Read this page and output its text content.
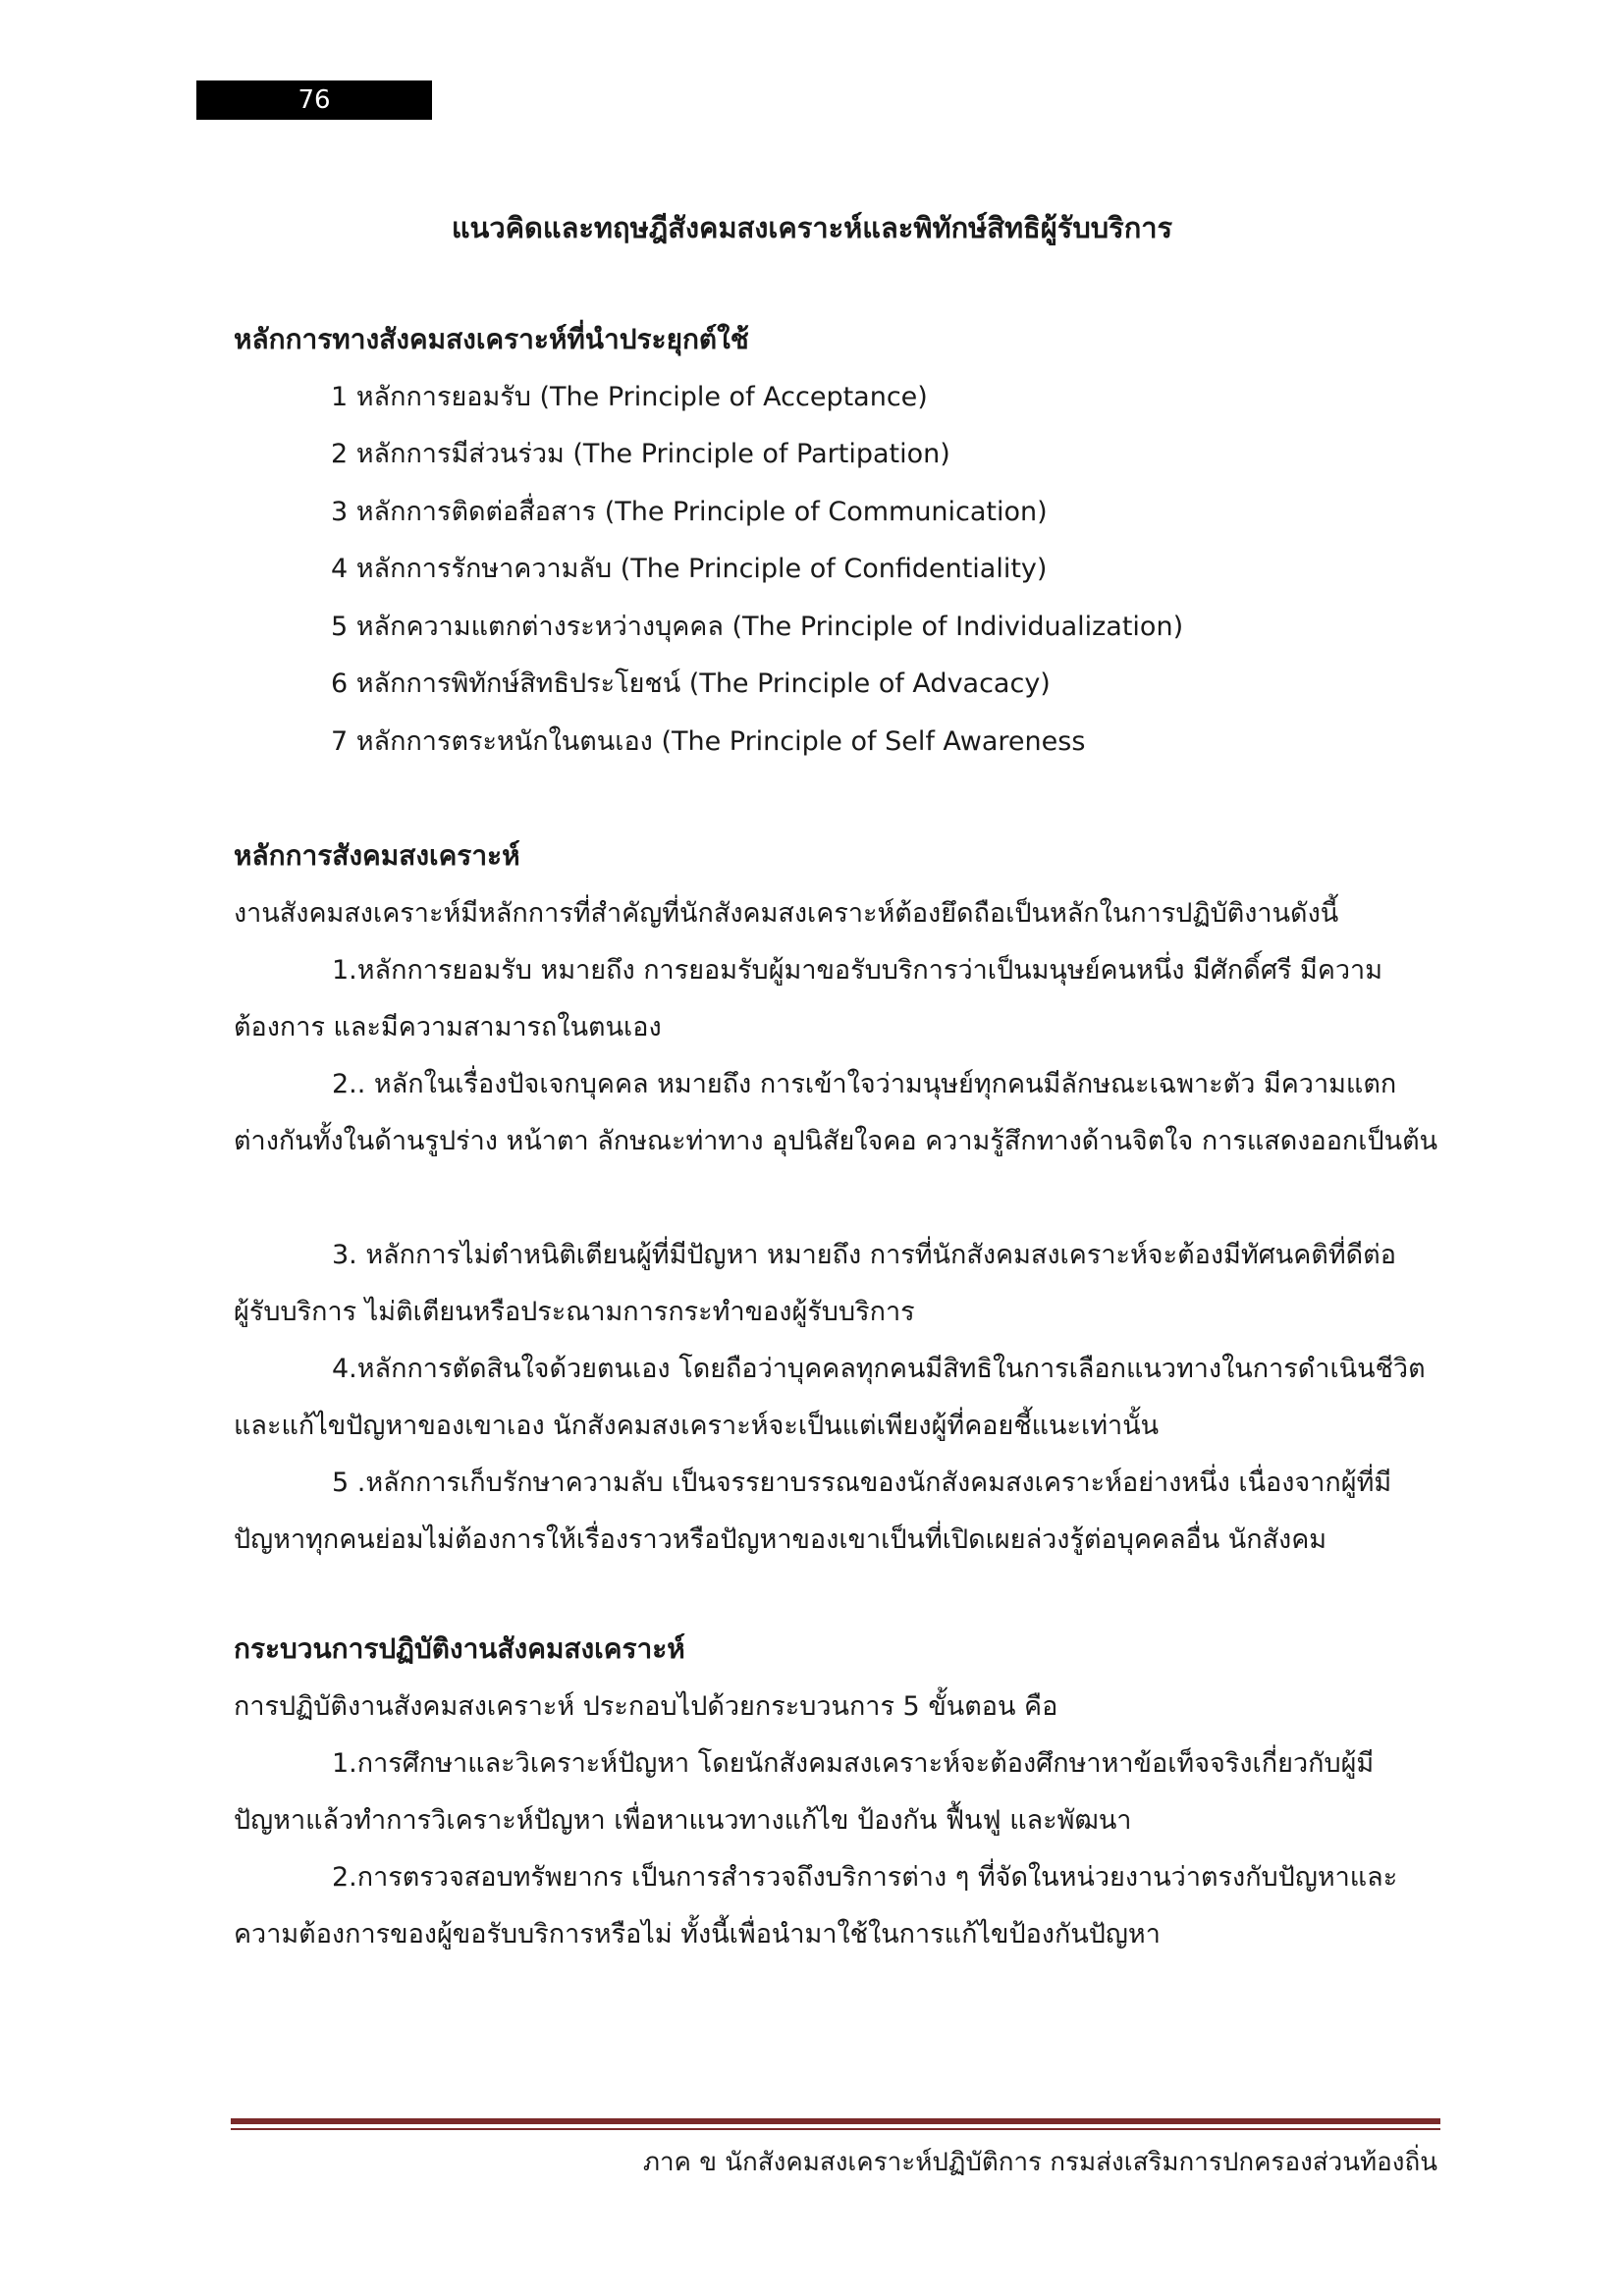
76
แนวคิดและทฤษฎีสังคมสงเคราะห์และพิทักษ์สิทธิผู้รับบริการ
หลักการทางสังคมสงเคราะห์ที่นำประยุกต์ใช้
1 หลักการยอมรับ (The Principle of Acceptance)
2 หลักการมีส่วนร่วม (The Principle of Partipation)
3 หลักการติดต่อสื่อสาร (The Principle of Communication)
4 หลักการรักษาความลับ (The Principle of Confidentiality)
5 หลักความแตกต่างระหว่างบุคคล (The Principle of Individualization)
6 หลักการพิทักษ์สิทธิประโยชน์ (The Principle of Advacacy)
7 หลักการตระหนักในตนเอง (The Principle of Self Awareness
หลักการสังคมสงเคราะห์
งานสังคมสงเคราะห์มีหลักการที่สำคัญที่นักสังคมสงเคราะห์ต้องยึดถือเป็นหลักในการปฏิบัติงานดังนี้
1.หลักการยอมรับ หมายถึง การยอมรับผู้มาขอรับบริการว่าเป็นมนุษย์คนหนึ่ง มีศักดิ์ศรี มีความต้องการ และมีความสามารถในตนเอง
2.. หลักในเรื่องปัจเจกบุคคล หมายถึง การเข้าใจว่ามนุษย์ทุกคนมีลักษณะเฉพาะตัว มีความแตกต่างกันทั้งในด้านรูปร่าง หน้าตา ลักษณะท่าทาง อุปนิสัยใจคอ ความรู้สึกทางด้านจิตใจ การแสดงออกเป็นต้น
3. หลักการไม่ตำหนิติเตียนผู้ที่มีปัญหา หมายถึง การที่นักสังคมสงเคราะห์จะต้องมีทัศนคติที่ดีต่อผู้รับบริการ ไม่ติเตียนหรือประณามการกระทำของผู้รับบริการ
4.หลักการตัดสินใจด้วยตนเอง โดยถือว่าบุคคลทุกคนมีสิทธิในการเลือกแนวทางในการดำเนินชีวิตและแก้ไขปัญหาของเขาเอง นักสังคมสงเคราะห์จะเป็นแต่เพียงผู้ที่คอยชี้แนะเท่านั้น
5 .หลักการเก็บรักษาความลับ เป็นจรรยาบรรณของนักสังคมสงเคราะห์อย่างหนึ่ง เนื่องจากผู้ที่มีปัญหาทุกคนย่อมไม่ต้องการให้เรื่องราวหรือปัญหาของเขาเป็นที่เปิดเผยล่วงรู้ต่อบุคคลอื่น นักสังคม
กระบวนการปฏิบัติงานสังคมสงเคราะห์
การปฏิบัติงานสังคมสงเคราะห์ ประกอบไปด้วยกระบวนการ 5 ขั้นตอน คือ
1.การศึกษาและวิเคราะห์ปัญหา โดยนักสังคมสงเคราะห์จะต้องศึกษาหาข้อเท็จจริงเกี่ยวกับผู้มีปัญหาแล้วทำการวิเคราะห์ปัญหา เพื่อหาแนวทางแก้ไข ป้องกัน ฟื้นฟู และพัฒนา
2.การตรวจสอบทรัพยากร เป็นการสำรวจถึงบริการต่าง ๆ ที่จัดในหน่วยงานว่าตรงกับปัญหาและความต้องการของผู้ขอรับบริการหรือไม่ ทั้งนี้เพื่อนำมาใช้ในการแก้ไขป้องกันปัญหา
ภาค ข นักสังคมสงเคราะห์ปฏิบัติการ กรมส่งเสริมการปกครองส่วนท้องถิ่น
